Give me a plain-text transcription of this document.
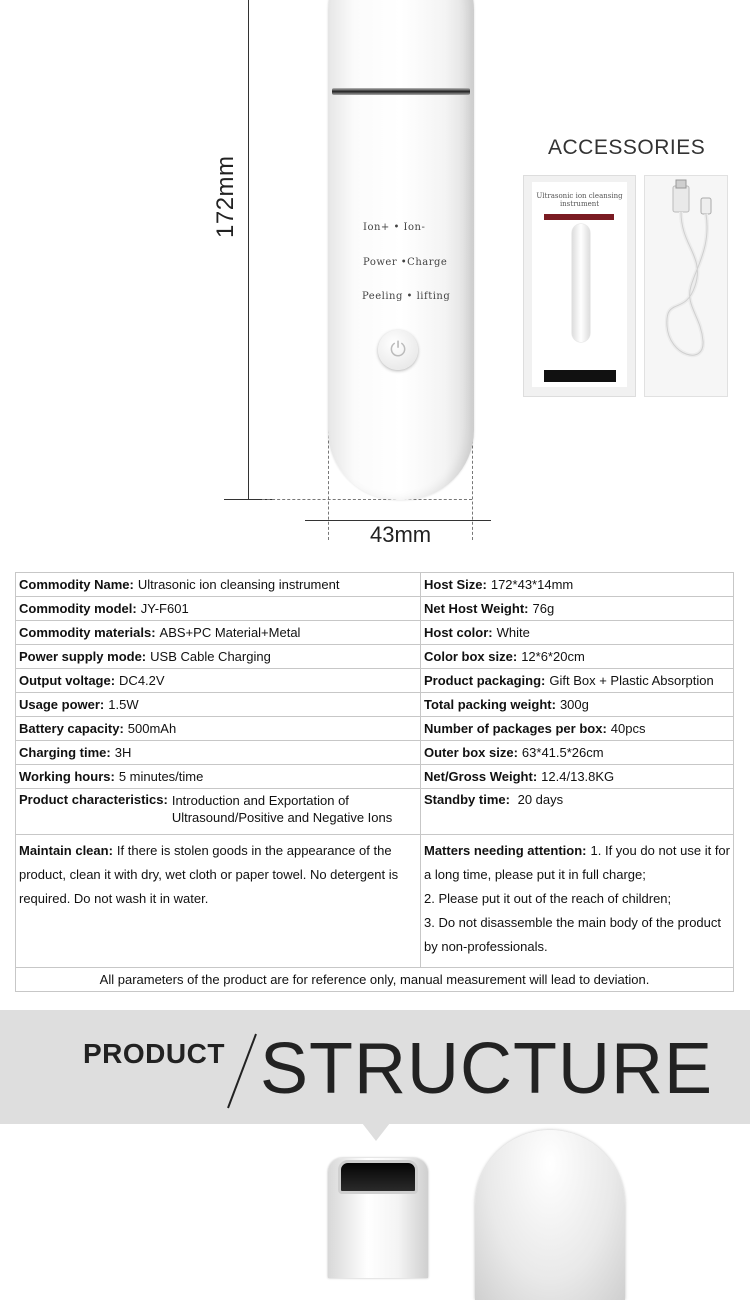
Ion+ • Ion-
Power •Charge
Peeling • lifting
⏻
172mm
43mm
ACCESSORIES
Ultrasonic ion cleansing instrument
Commodity Name: Ultrasonic ion cleansing instrument	Host Size: 172*43*14mm
Commodity model: JY-F601	Net Host Weight: 76g
Commodity materials: ABS+PC Material+Metal	Host color: White
Power supply mode: USB Cable Charging	Color box size: 12*6*20cm
Output voltage: DC4.2V	Product packaging: Gift Box + Plastic Absorption
Usage power: 1.5W	Total packing weight: 300g
Battery capacity: 500mAh	Number of packages per box: 40pcs
Charging time: 3H	Outer box size: 63*41.5*26cm
Working hours: 5 minutes/time	Net/Gross Weight: 12.4/13.8KG

Product characteristics: Introduction and Exportation of Ultrasound/Positive and Negative Ions	Standby time: 20 days
Maintain clean: If there is stolen goods in the appearance of the product, clean it with dry, wet cloth or paper towel. No detergent is required. Do not wash it in water.	Matters needing attention: 1. If you do not use it for a long time, please put it in full charge;
2. Please put it out of the reach of children;
3. Do not disassemble the main body of the product by non-professionals.
All parameters of the product are for reference only, manual measurement will lead to deviation.	
PRODUCT STRUCTURE
